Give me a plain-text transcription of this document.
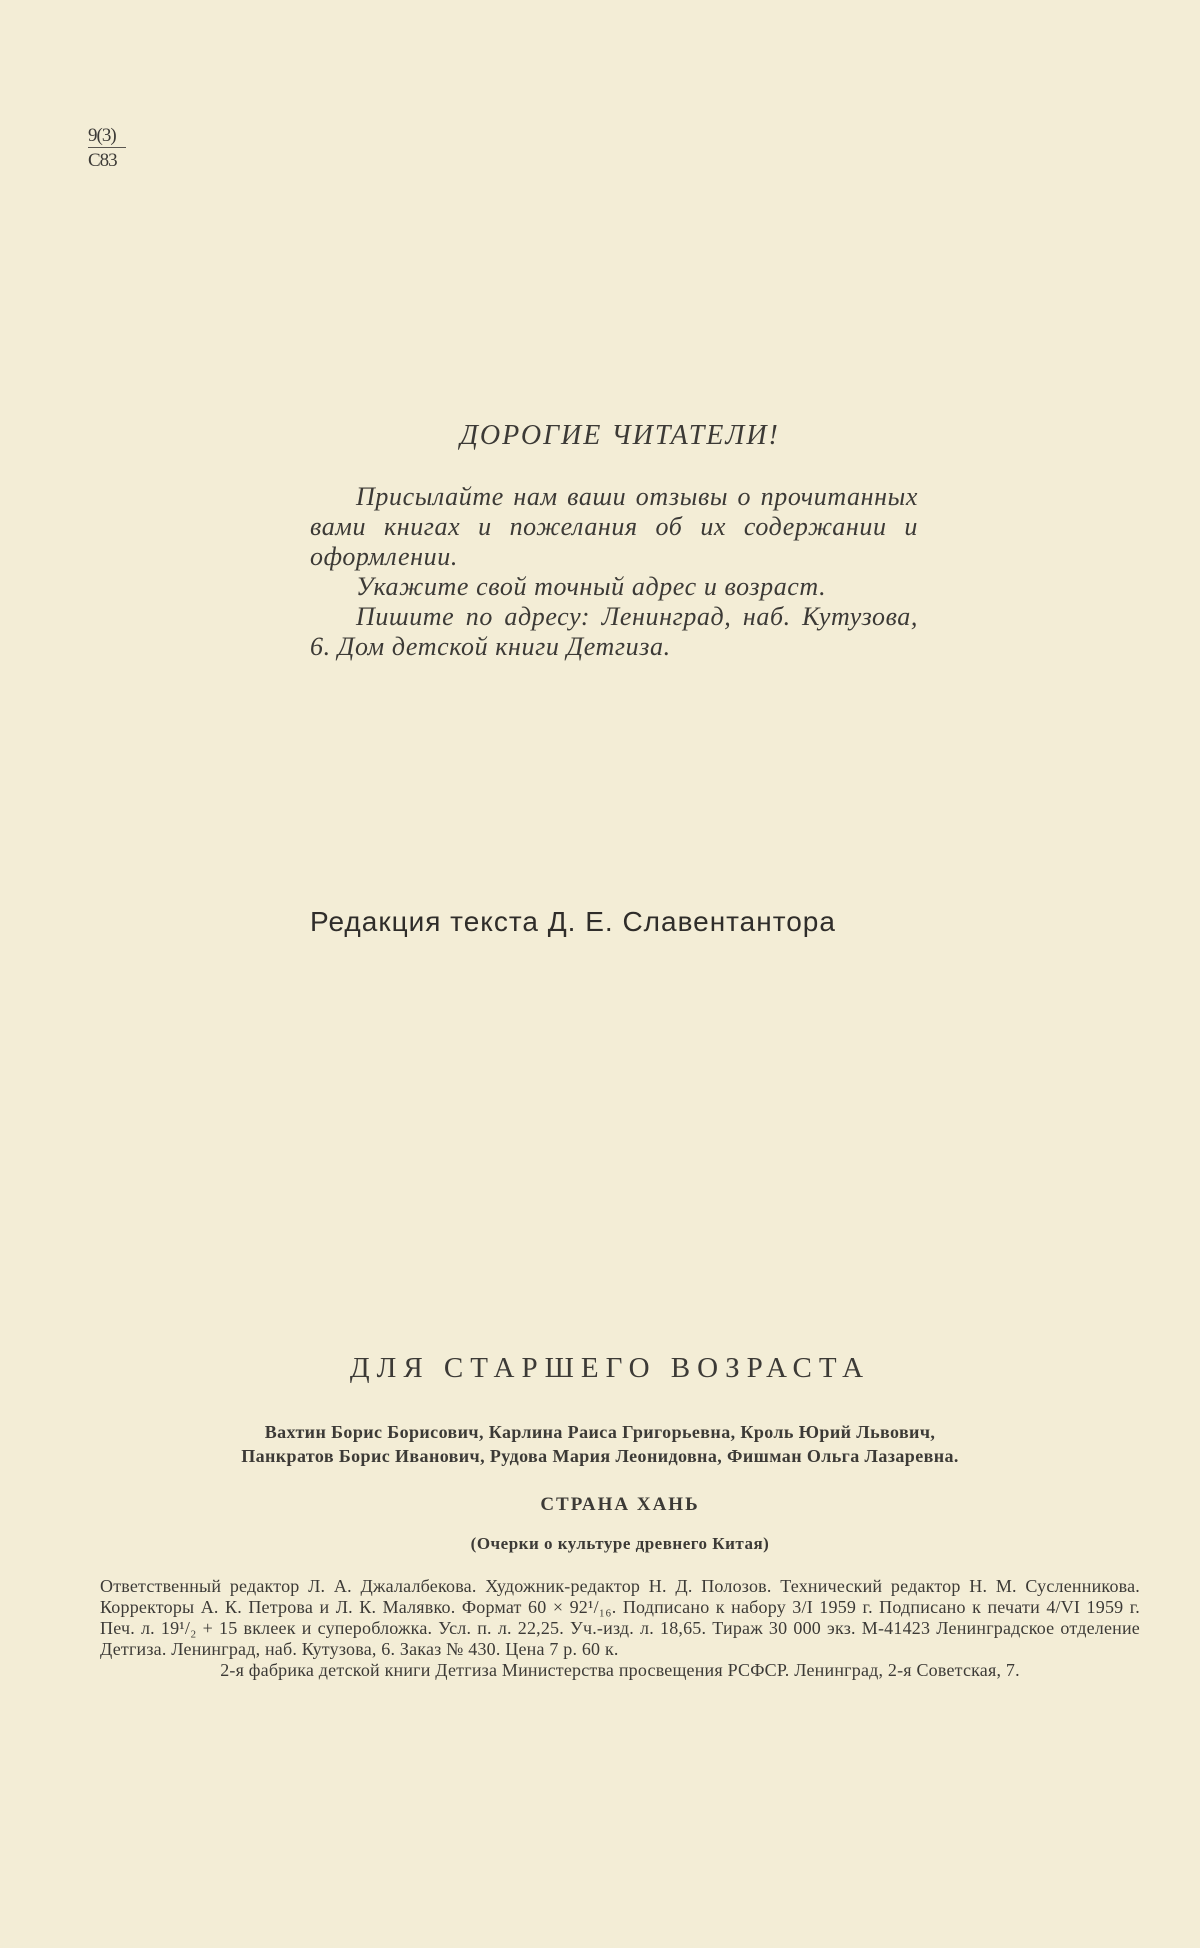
9(3)
C83
ДОРОГИЕ ЧИТАТЕЛИ!

Присылайте нам ваши отзывы о прочитанных вами книгах и пожелания об их содержании и оформлении.

Укажите свой точный адрес и возраст.

Пишите по адресу: Ленинград, наб. Кутузова, 6. Дом детской книги Детгиза.

Редакция текста Д. Е. Славентантора
ДЛЯ СТАРШЕГО ВОЗРАСТА
Вахтин Борис Борисович, Карлина Раиса Григорьевна, Кроль Юрий Львович,
Панкратов Борис Иванович, Рудова Мария Леонидовна, Фишман Ольга Лазаревна.
СТРАНА ХАНЬ
(Очерки о культуре древнего Китая)

Ответственный редактор Л. А. Джалалбекова. Художник-редактор Н. Д. Полозов. Технический редактор Н. М. Сусленникова. Корректоры А. К. Петрова и Л. К. Малявко. Формат 60 × 92¹/₁₆. Подписано к набору 3/I 1959 г. Подписано к печати 4/VI 1959 г. Печ. л. 19¹/₂ + 15 вклеек и суперобложка. Усл. п. л. 22,25. Уч.-изд. л. 18,65. Тираж 30 000 экз. М-41423 Ленинградское отделение Детгиза. Ленинград, наб. Кутузова, 6. Заказ № 430. Цена 7 р. 60 к.

2-я фабрика детской книги Детгиза Министерства просвещения РСФСР. Ленинград, 2-я Советская, 7.
